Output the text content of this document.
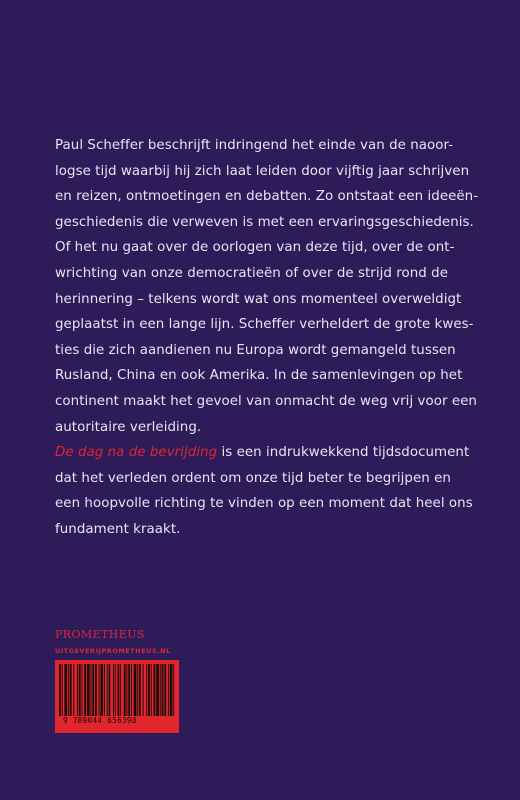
Paul Scheffer beschrijft indringend het einde van de naoor-
logse tijd waarbij hij zich laat leiden door vijftig jaar schrijven
en reizen, ontmoetingen en debatten. Zo ontstaat een ideeën-
geschiedenis die verweven is met een ervaringsgeschiedenis.
Of het nu gaat over de oorlogen van deze tijd, over de ont-
wrichting van onze democratieën of over de strijd rond de
herinnering – telkens wordt wat ons momenteel overweldigt
geplaatst in een lange lijn. Scheffer verheldert de grote kwes-
ties die zich aandienen nu Europa wordt gemangeld tussen
Rusland, China en ook Amerika. In de samenlevingen op het
continent maakt het gevoel van onmacht de weg vrij voor een
autoritaire verleiding.
De dag na de bevrijding is een indrukwekkend tijdsdocument
dat het verleden ordent om onze tijd beter te begrijpen en
een hoopvolle richting te vinden op een moment dat heel ons
fundament kraakt.
PROMETHEUS
UITGEVERIJPROMETHEUS.NL
9 789044 656398
